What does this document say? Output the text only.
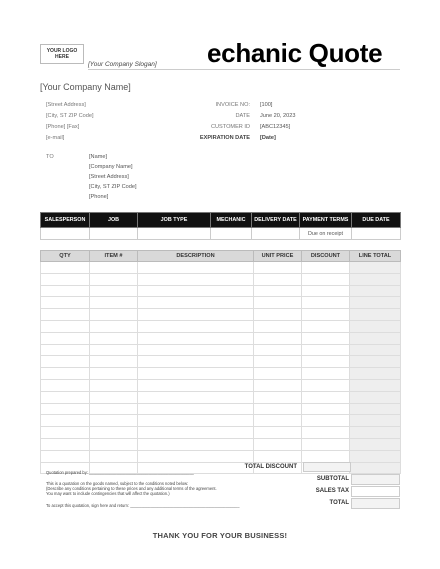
YOUR LOGO
HERE
[Your Company Slogan] echanic Quote
[Your Company Name]
[Street Address]
[City, ST ZIP Code]
[Phone] [Fax]
[e-mail]
INVOICE NO: [100]
DATE June 20, 2023
CUSTOMER ID [ABC12345]
EXPIRATION DATE [Date]
TO	[Name]
[Company Name]
[Street Address]
[City, ST ZIP Code]
[Phone]
SALESPERSON	JOB	JOB TYPE	MECHANIC	DELIVERY DATE	PAYMENT TERMS	DUE DATE
					Due on receipt	
QTY	ITEM #	DESCRIPTION	UNIT PRICE	DISCOUNT	LINE TOTAL

TOTAL DISCOUNT
SUBTOTAL
SALES TAX
TOTAL
Quotation prepared by: ______________________________________________
This is a quotation on the goods named, subject to the conditions noted below:
(Describe any conditions pertaining to these prices and any additional terms of the agreement.
You may want to include contingencies that will affect the quotation.)
To accept this quotation, sign here and return: ________________________________________________
THANK YOU FOR YOUR BUSINESS!
